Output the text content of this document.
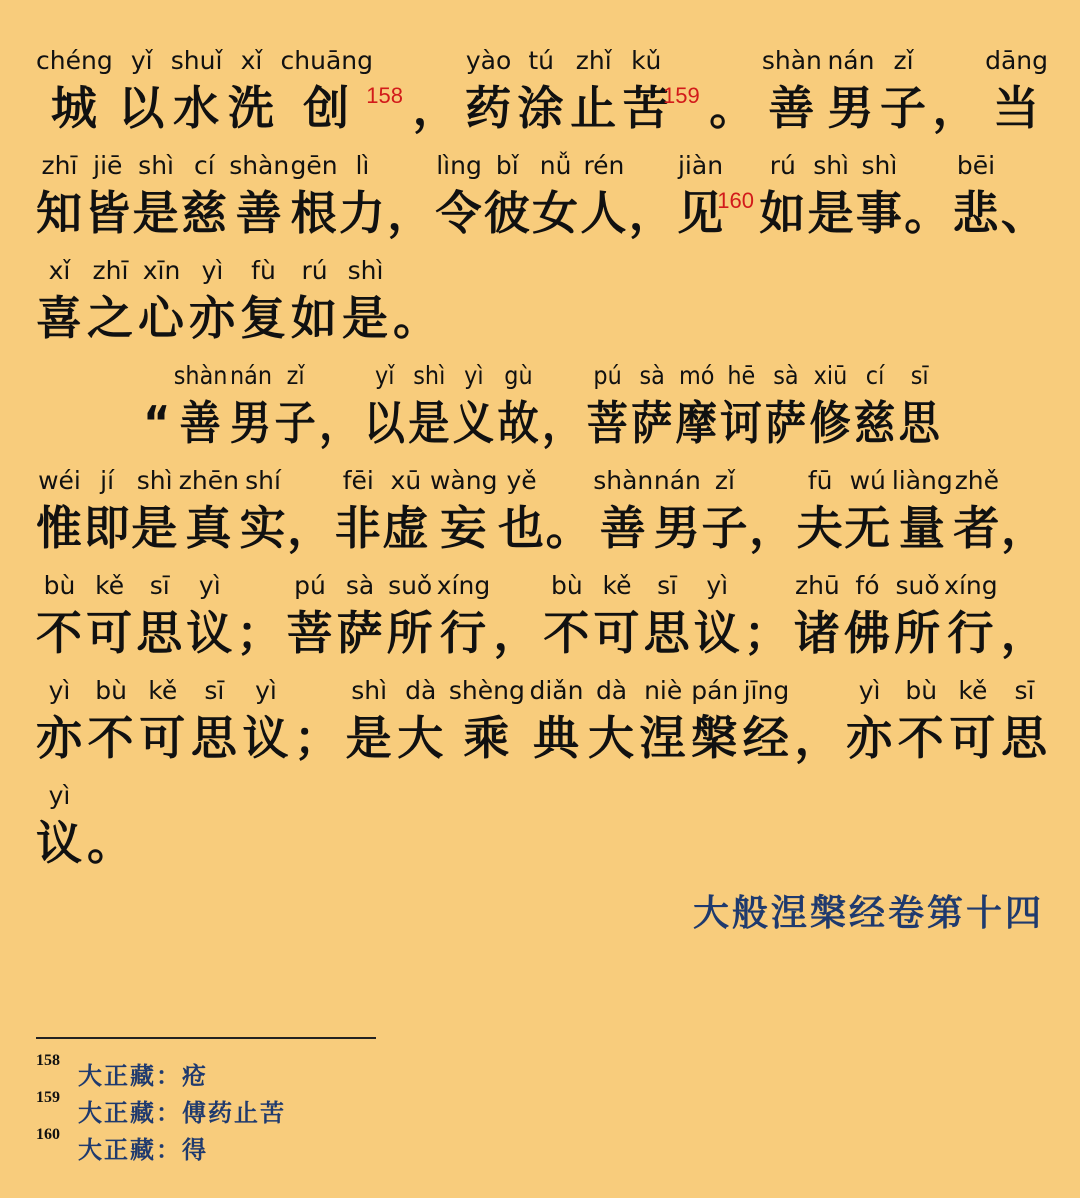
chéng
城
yǐ
以
shuǐ
水
xǐ
洗
chuāng
创 158 ，
yào
药
tú
涂
zhǐ
止
kǔ
苦
159 。
shàn
善
nán
男
zǐ
子 ，
dāng
当
zhī
知
jiē
皆
shì
是
cí
慈
shàn
善
gēn
根
lì
力 ，
lìng
令
bǐ
彼
nǚ
女
rén
人 ，
jiàn
见
160
rú
如
shì
是
shì
事 。
bēi
悲 、
xǐ
喜
zhī
之
xīn
心
yì
亦
fù
复
rú
如
shì
是 。
“
shàn
善
nán
男
zǐ
子 ，
yǐ
以
shì
是
yì
义
gù
故 ，
pú
菩
sà
萨
mó
摩
hē
诃
sà
萨
xiū
修
cí
慈
sī
思
wéi
惟
jí
即
shì
是
zhēn
真
shí
实 ，
fēi
非
xū
虚
wàng
妄
yě
也 。
shàn
善
nán
男
zǐ
子 ，
fū
夫
wú
无
liàng
量
zhě
者 ，
bù
不
kě
可
sī
思
yì
议 ；
pú
菩
sà
萨
suǒ
所
xíng
行 ，
bù
不
kě
可
sī
思
yì
议 ；
zhū
诸
fó
佛
suǒ
所
xíng
行 ，
yì
亦
bù
不
kě
可
sī
思
yì
议 ；
shì
是
dà
大
shèng
乘
diǎn
典
dà
大
niè
涅
pán
槃
jīng
经 ，
yì
亦
bù
不
kě
可
sī
思
yì
议 。
大般涅槃经卷第十四
158
大正藏：疮
159
大正藏：傅药止苦
160
大正藏：得
